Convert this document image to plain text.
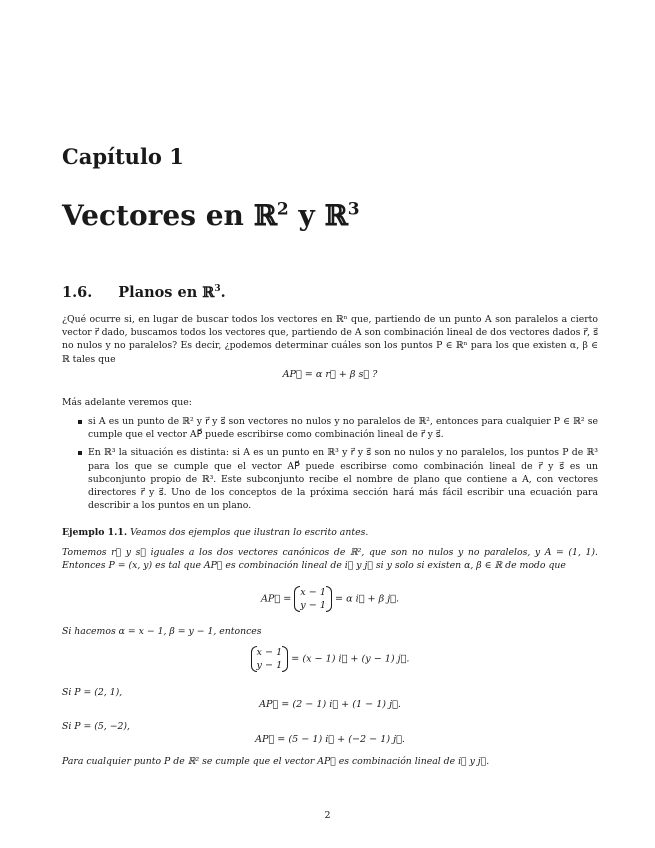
Capítulo 1
Vectores en ℝ$^2$ y ℝ$^3$
1.6. Planos en ℝ$^3$.
¿Qué ocurre si, en lugar de buscar todos los vectores en ℝⁿ que, partiendo de un punto A son paralelos a cierto vector r⃗ dado, buscamos todos los vectores que, partiendo de A son combinación lineal de dos vectores dados r⃗, s⃗ no nulos y no paralelos? Es decir, ¿podemos determinar cuáles son los puntos P ∈ ℝⁿ para los que existen α, β ∈ ℝ tales que
AP⃗ = α r⃗ + β s⃗ ?
Más adelante veremos que:
si A es un punto de ℝ² y r⃗ y s⃗ son vectores no nulos y no paralelos de ℝ², entonces para cualquier P ∈ ℝ² se cumple que el vector AP⃗ puede escribirse como combinación lineal de r⃗ y s⃗.
En ℝ³ la situación es distinta: si A es un punto en ℝ³ y r⃗ y s⃗ son no nulos y no paralelos, los puntos P de ℝ³ para los que se cumple que el vector AP⃗ puede escribirse como combinación lineal de r⃗ y s⃗ es un subconjunto propio de ℝ³. Este subconjunto recibe el nombre de plano que contiene a A, con vectores directores r⃗ y s⃗. Uno de los conceptos de la próxima sección hará más fácil escribir una ecuación para describir a los puntos en un plano.
Ejemplo 1.1. Veamos dos ejemplos que ilustran lo escrito antes.
Tomemos r⃗ y s⃗ iguales a los dos vectores canónicos de ℝ², que son no nulos y no paralelos, y A = (1, 1). Entonces P = (x, y) es tal que AP⃗ es combinación lineal de i⃗ y j⃗ si y solo si existen α, β ∈ ℝ de modo que
AP⃗ =
x − 1
y − 1
= α i⃗ + β j⃗.
Si hacemos α = x − 1, β = y − 1, entonces
x − 1
y − 1
= (x − 1) i⃗ + (y − 1) j⃗.
Si P = (2, 1),
AP⃗ = (2 − 1) i⃗ + (1 − 1) j⃗.
Si P = (5, −2),
AP⃗ = (5 − 1) i⃗ + (−2 − 1) j⃗.
Para cualquier punto P de ℝ² se cumple que el vector AP⃗ es combinación lineal de i⃗ y j⃗.
2
